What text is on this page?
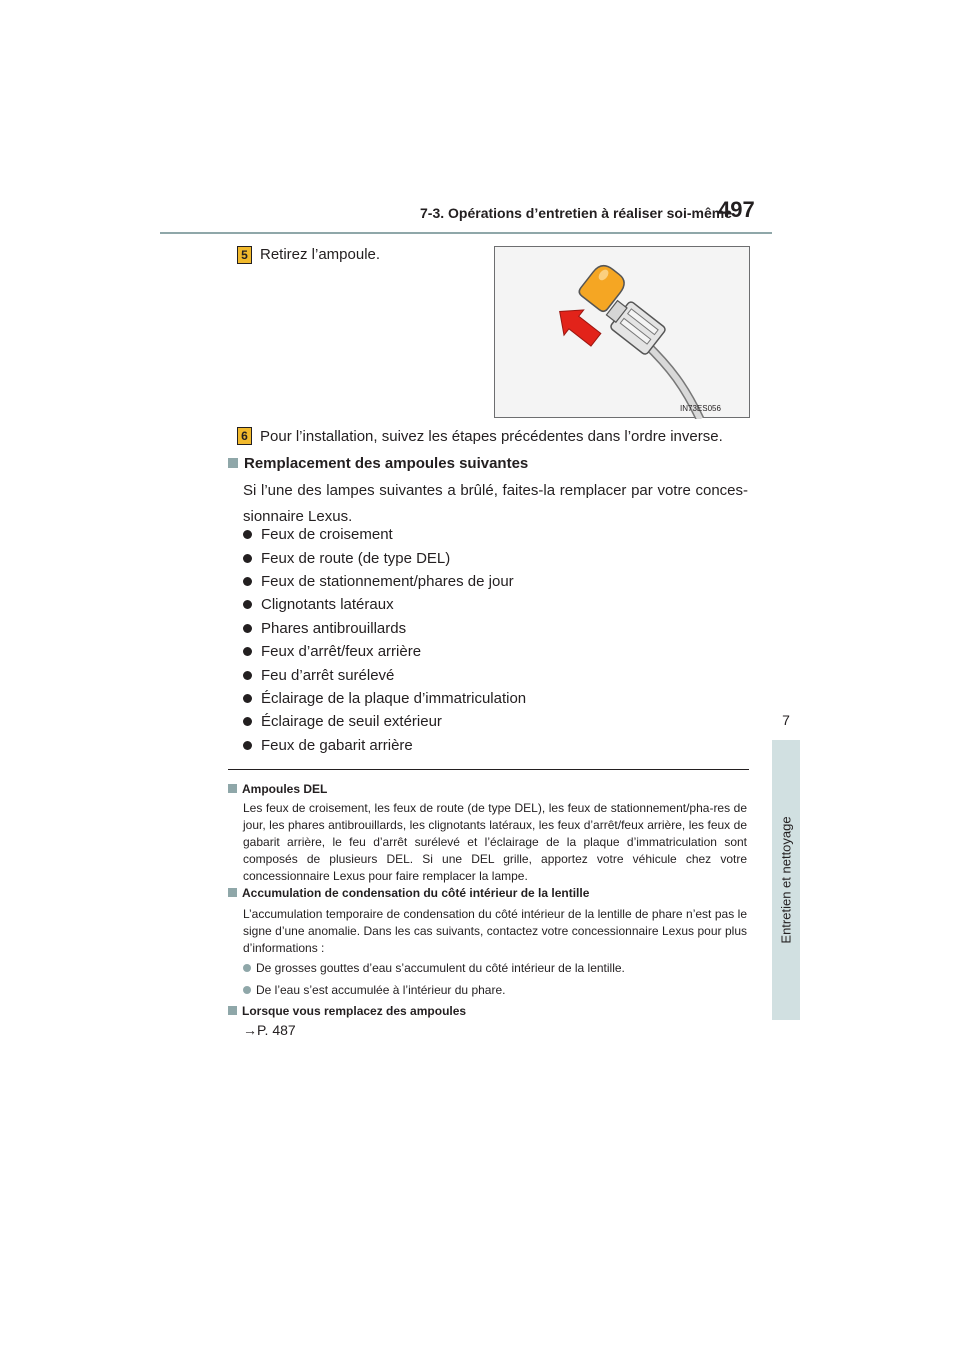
7-3. Opérations d’entretien à réaliser soi-même
497
7
Entretien et nettoyage
5 Retirez l’ampoule.
IN73ES056
6 Pour l’installation, suivez les étapes précédentes dans l’ordre inverse.
Remplacement des ampoules suivantes
Si l’une des lampes suivantes a brûlé, faites-la remplacer par votre conces-sionnaire Lexus.
Feux de croisement
Feux de route (de type DEL)
Feux de stationnement/phares de jour
Clignotants latéraux
Phares antibrouillards
Feux d’arrêt/feux arrière
Feu d’arrêt surélevé
Éclairage de la plaque d’immatriculation
Éclairage de seuil extérieur
Feux de gabarit arrière
Ampoules DEL
Les feux de croisement, les feux de route (de type DEL), les feux de stationnement/pha-res de jour, les phares antibrouillards, les clignotants latéraux, les feux d’arrêt/feux arrière, les feux de gabarit arrière, le feu d’arrêt surélevé et l’éclairage de la plaque d’immatriculation sont composés de plusieurs DEL. Si une DEL grille, apportez votre véhicule chez votre concessionnaire Lexus pour faire remplacer la lampe.
Accumulation de condensation du côté intérieur de la lentille
L’accumulation temporaire de condensation du côté intérieur de la lentille de phare n’est pas le signe d’une anomalie. Dans les cas suivants, contactez votre concessionnaire Lexus pour plus d’informations :
De grosses gouttes d’eau s’accumulent du côté intérieur de la lentille.
De l’eau s’est accumulée à l’intérieur du phare.
Lorsque vous remplacez des ampoules
→P. 487
